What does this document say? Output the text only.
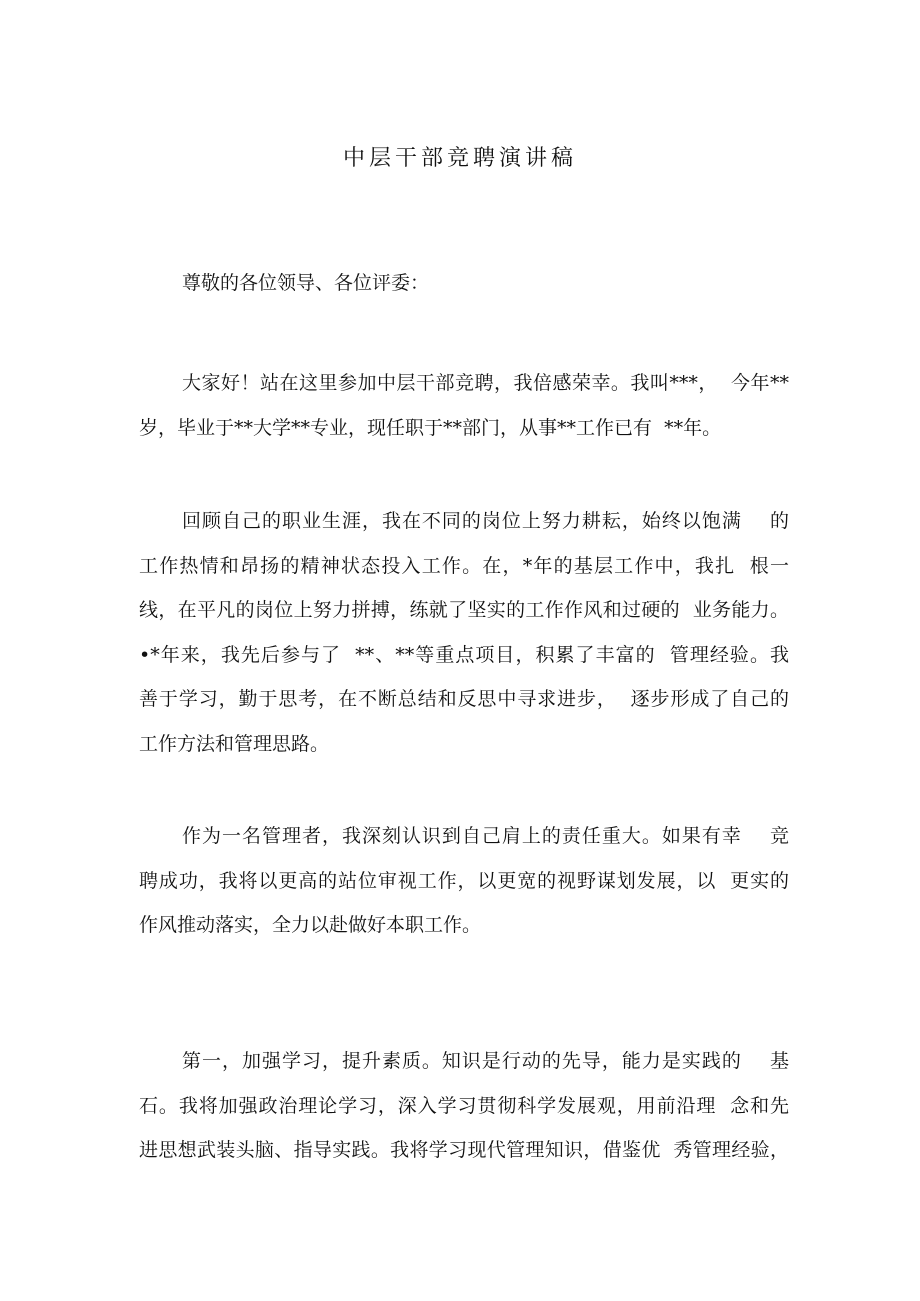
中层干部竞聘演讲稿
尊敬的各位领导、各位评委：
大家好！站在这里参加中层干部竞聘，我倍感荣幸。我叫***，  今年**
岁，毕业于**大学**专业，现任职于**部门，从事**工作已有  **年。
回顾自己的职业生涯，我在不同的岗位上努力耕耘，始终以饱满    的
工作热情和昂扬的精神状态投入工作。在，*年的基层工作中，我扎  根一
线，在平凡的岗位上努力拼搏，练就了坚实的工作作风和过硬的  业务能力。
•*年来，我先后参与了  **、**等重点项目，积累了丰富的  管理经验。我
善于学习，勤于思考，在不断总结和反思中寻求进步，  逐步形成了自己的
工作方法和管理思路。
作为一名管理者，我深刻认识到自己肩上的责任重大。如果有幸    竞
聘成功，我将以更高的站位审视工作，以更宽的视野谋划发展，以  更实的
作风推动落实，全力以赴做好本职工作。
第一，加强学习，提升素质。知识是行动的先导，能力是实践的    基
石。我将加强政治理论学习，深入学习贯彻科学发展观，用前沿理  念和先
进思想武装头脑、指导实践。我将学习现代管理知识，借鉴优  秀管理经验，
